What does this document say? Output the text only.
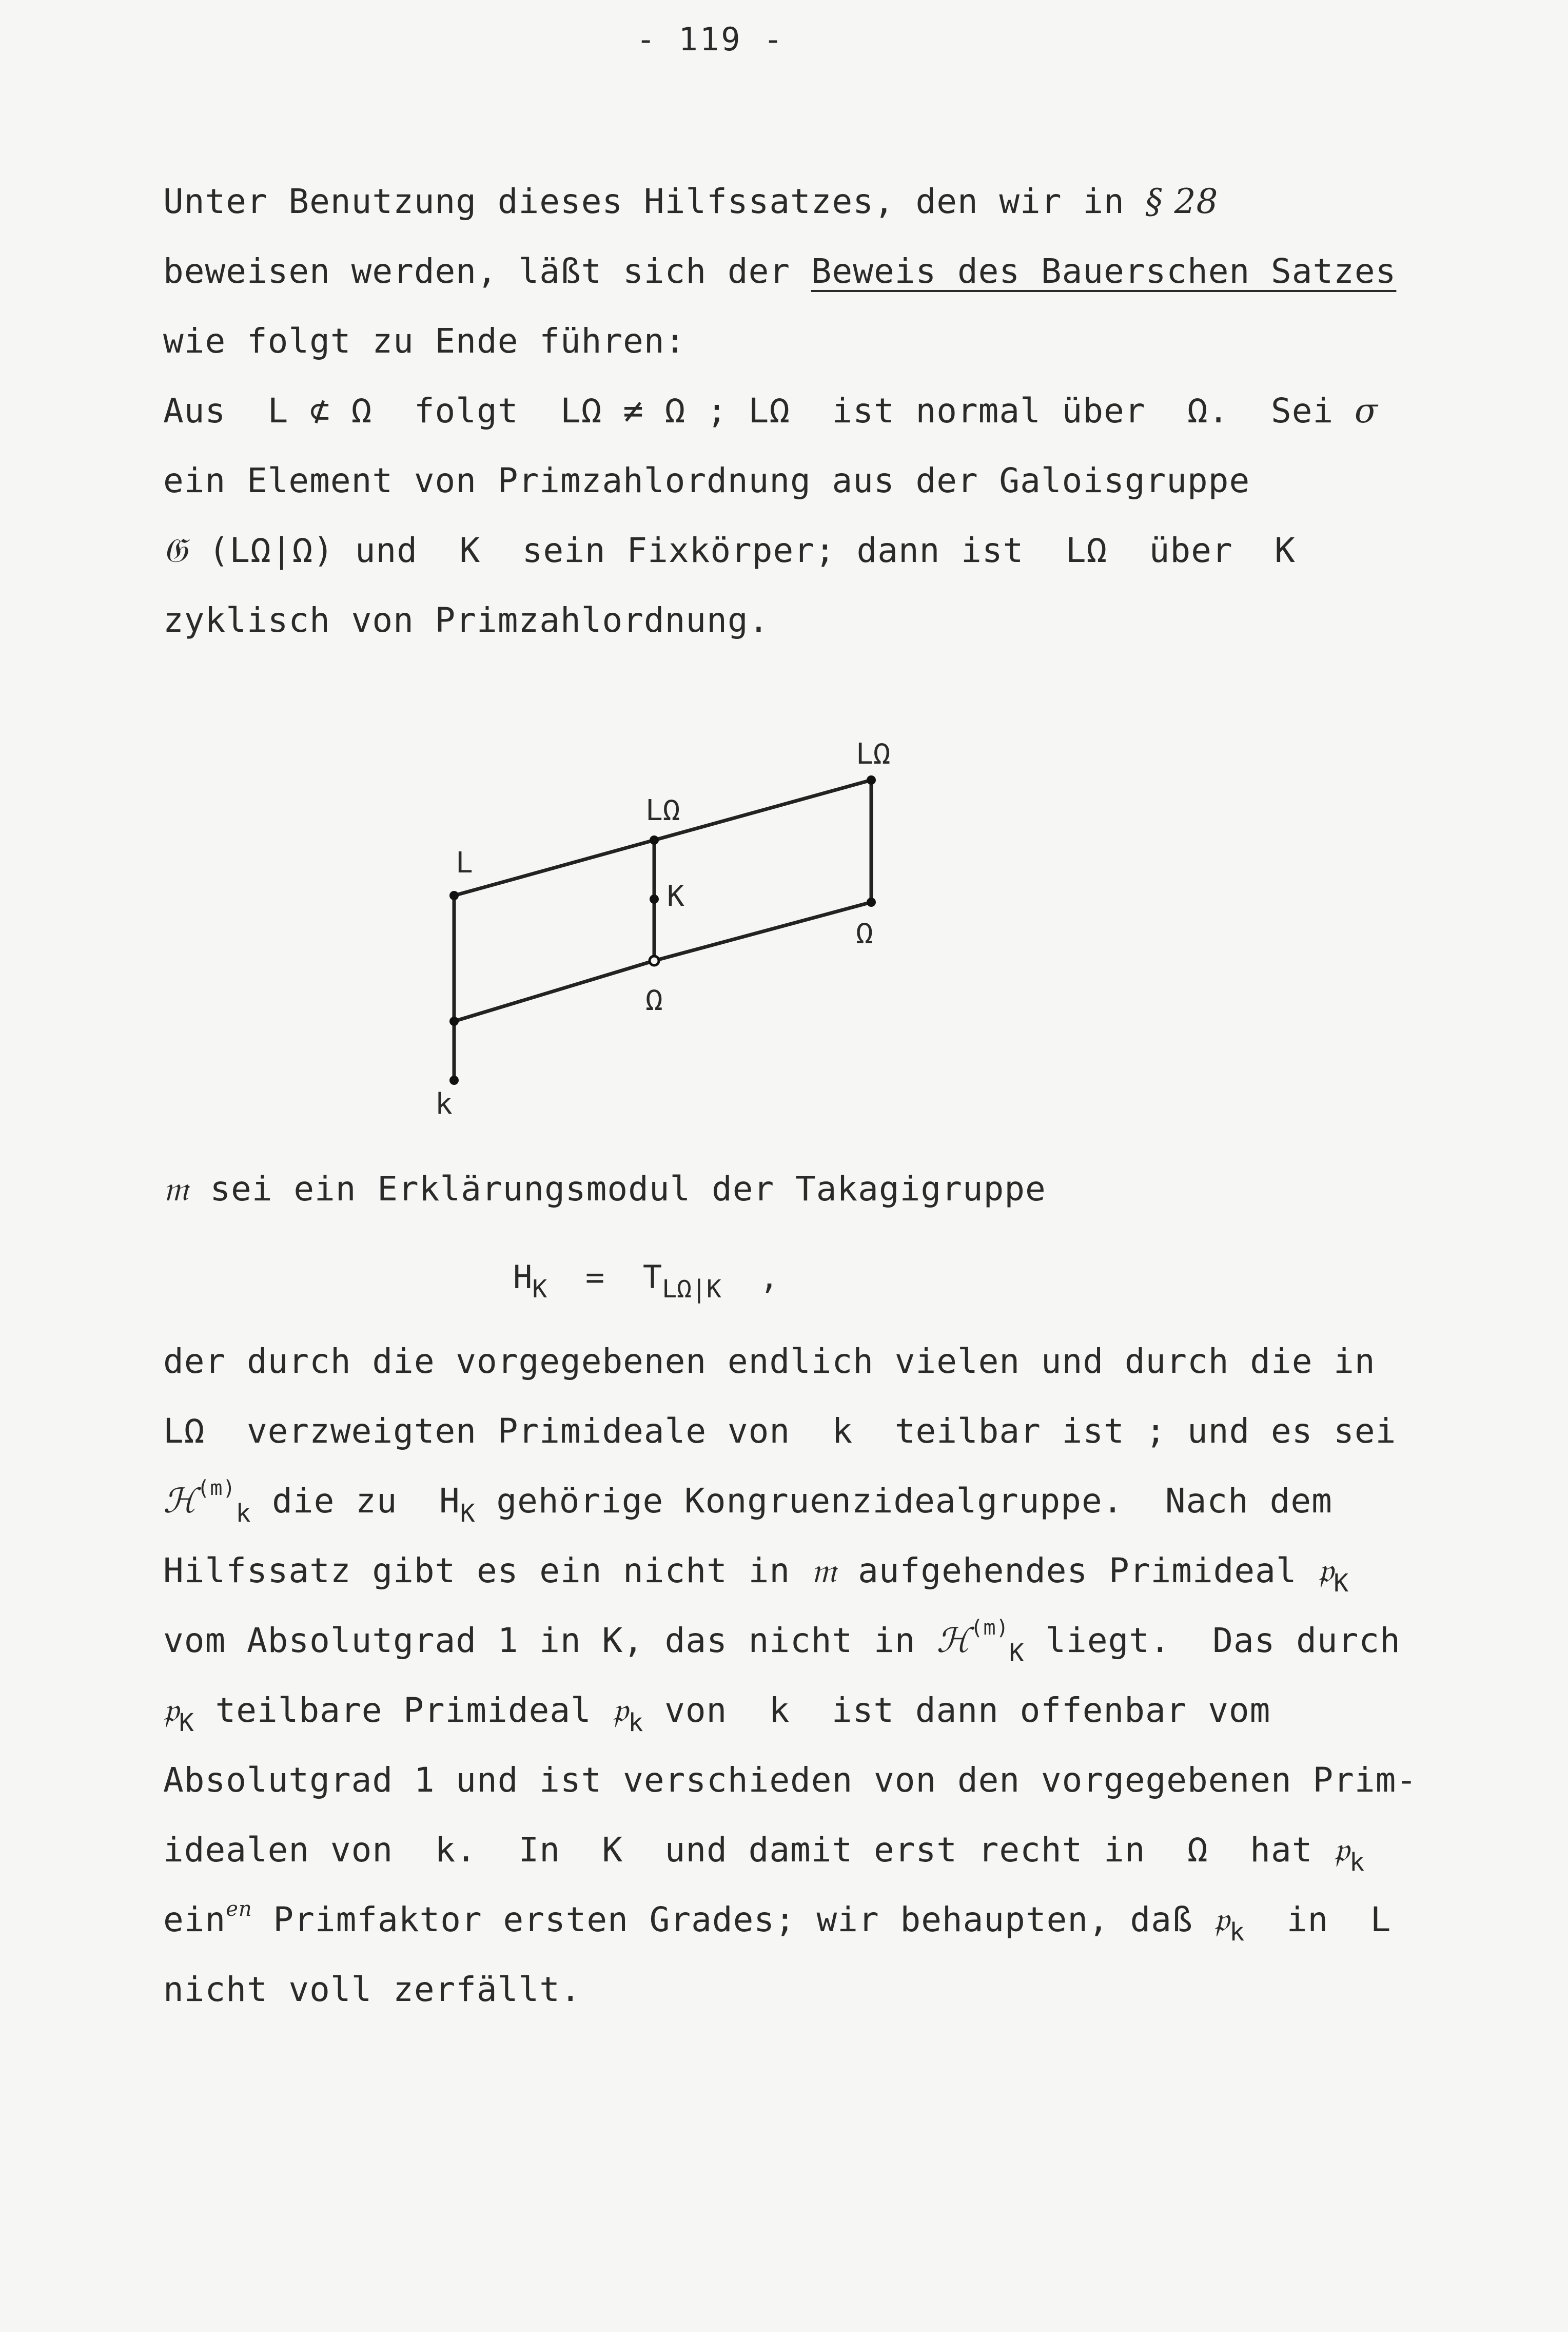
- 119 -
Unter Benutzung dieses Hilfssatzes, den wir in § 28
beweisen werden, läßt sich der Beweis des Bauerschen Satzes
wie folgt zu Ende führen:
Aus  L ⊄ Ω  folgt  LΩ ≠ Ω ; LΩ  ist normal über  Ω.  Sei σ
ein Element von Primzahlordnung aus der Galoisgruppe
𝔊 (LΩ|Ω) und  K  sein Fixkörper; dann ist  LΩ  über  K
zyklisch von Primzahlordnung.
L
LΩ
LΩ
K
Ω
Ω
k
𝔪 sei ein Erklärungsmodul der Takagigruppe
$H_K = T_{L\Omega|K}$  ,
der durch die vorgegebenen endlich vielen und durch die in
LΩ  verzweigten Primideale von  k  teilbar ist ; und es sei
ℋ$^{(m)}_k$ die zu  $H_K$ gehörige Kongruenzidealgruppe.  Nach dem
Hilfssatz gibt es ein nicht in 𝔪 aufgehendes Primideal 𝔭$_K$
vom Absolutgrad 1 in K, das nicht in ℋ$^{(m)}_K$ liegt.  Das durch
𝔭$_K$ teilbare Primideal 𝔭$_k$ von  k  ist dann offenbar vom
Absolutgrad 1 und ist verschieden von den vorgegebenen Prim-
idealen von  k.  In  K  und damit erst recht in  Ω  hat 𝔭$_k$
ein$^{en}$ Primfaktor ersten Grades; wir behaupten, daß 𝔭$_k$  in  L
nicht voll zerfällt.
